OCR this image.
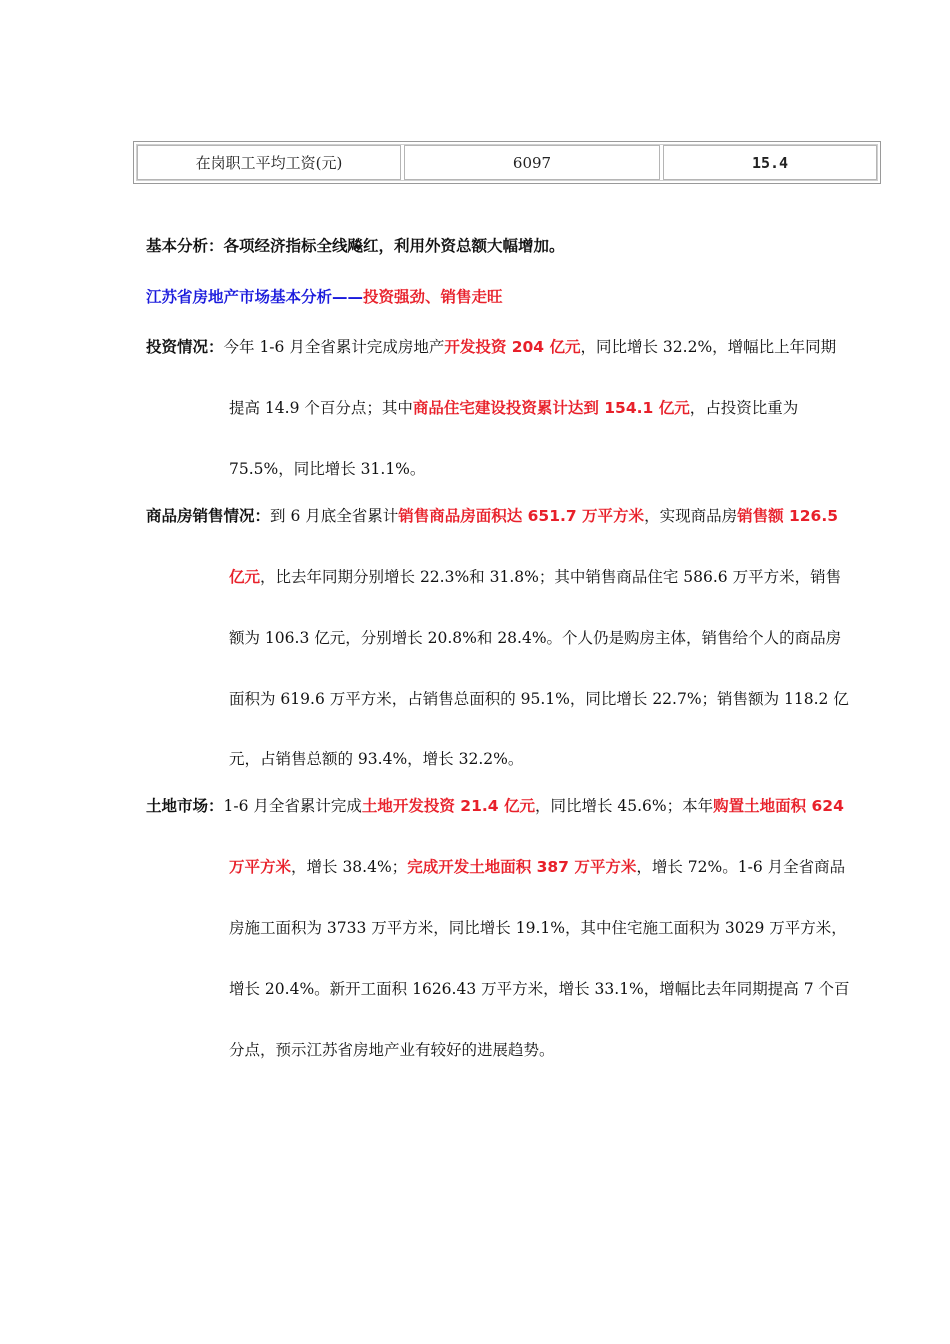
在岗职工平均工资(元)	6097	15.4
基本分析：各项经济指标全线飚红，利用外资总额大幅增加。
江苏省房地产市场基本分析——投资强劲、销售走旺
投资情况：今年 1-6 月全省累计完成房地产开发投资 204 亿元，同比增长 32.2%，增幅比上年同期
提高 14.9 个百分点；其中商品住宅建设投资累计达到 154.1 亿元，占投资比重为
75.5%，同比增长 31.1%。
商品房销售情况：到 6 月底全省累计销售商品房面积达 651.7 万平方米，实现商品房销售额 126.5
亿元，比去年同期分别增长 22.3%和 31.8%；其中销售商品住宅 586.6 万平方米，销售
额为 106.3 亿元，分别增长 20.8%和 28.4%。个人仍是购房主体，销售给个人的商品房
面积为 619.6 万平方米，占销售总面积的 95.1%，同比增长 22.7%；销售额为 118.2 亿
元，占销售总额的 93.4%，增长 32.2%。
土地市场：1-6 月全省累计完成土地开发投资 21.4 亿元，同比增长 45.6%；本年购置土地面积 624
万平方米，增长 38.4%；完成开发土地面积 387 万平方米，增长 72%。1-6 月全省商品
房施工面积为 3733 万平方米，同比增长 19.1%，其中住宅施工面积为 3029 万平方米，
增长 20.4%。新开工面积 1626.43 万平方米，增长 33.1%，增幅比去年同期提高 7 个百
分点，预示江苏省房地产业有较好的进展趋势。
